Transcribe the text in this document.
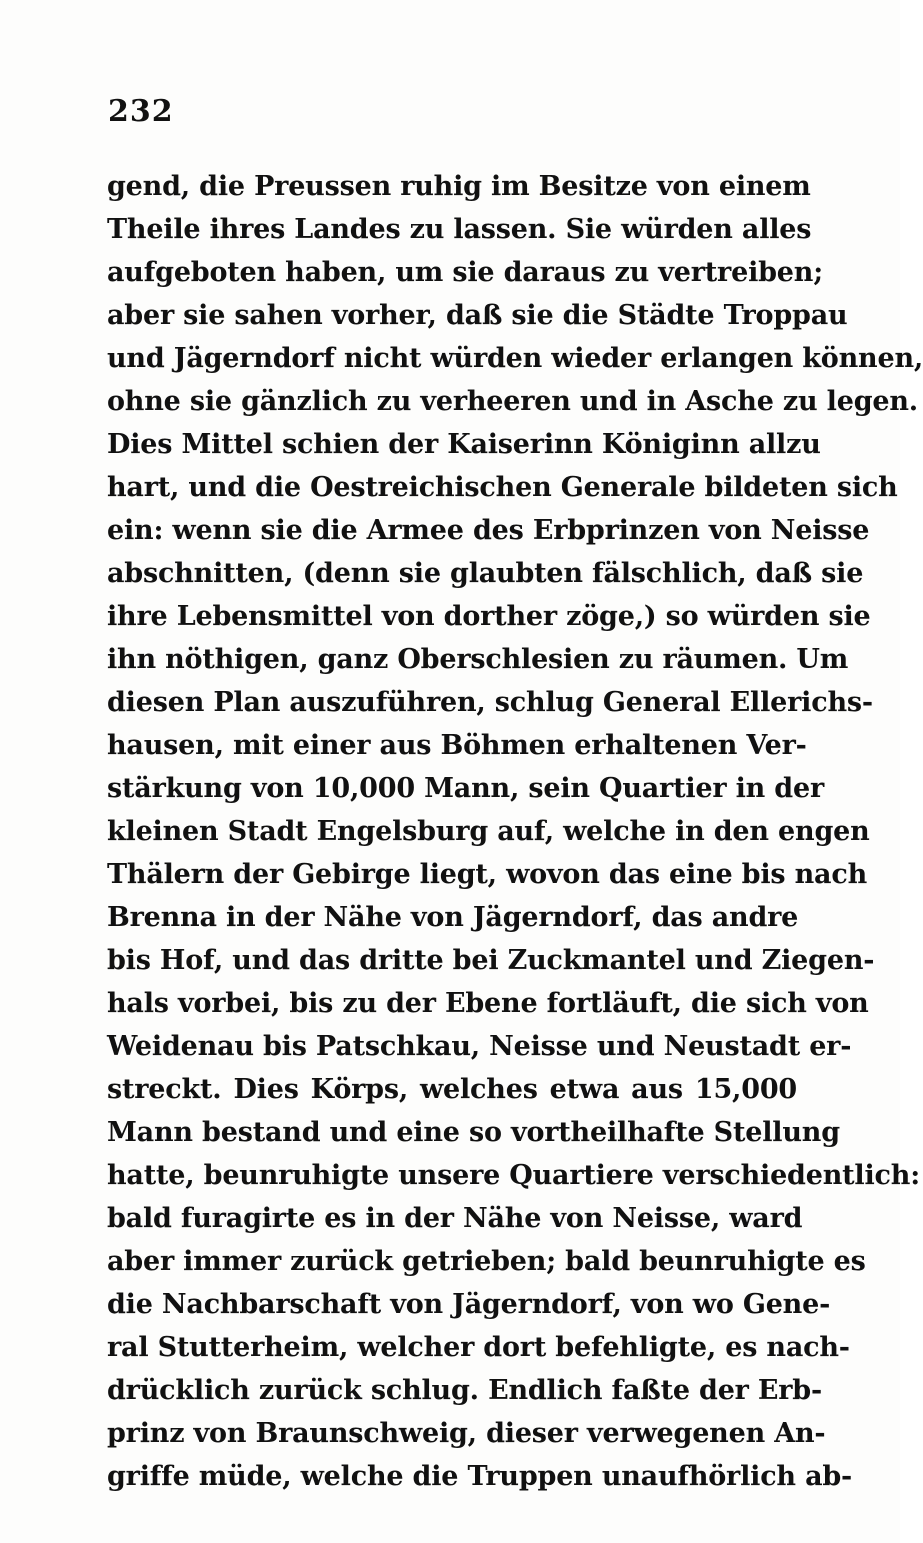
232
gend, die Preussen ruhig im Besitze von einem
Theile ihres Landes zu lassen. Sie würden alles
aufgeboten haben, um sie daraus zu vertreiben;
aber sie sahen vorher, daß sie die Städte Troppau
und Jägerndorf nicht würden wieder erlangen können,
ohne sie gänzlich zu verheeren und in Asche zu legen.
Dies Mittel schien der Kaiserinn Königinn allzu
hart, und die Oestreichischen Generale bildeten sich
ein: wenn sie die Armee des Erbprinzen von Neisse
abschnitten, (denn sie glaubten fälschlich, daß sie
ihre Lebensmittel von dorther zöge,) so würden sie
ihn nöthigen, ganz Oberschlesien zu räumen. Um
diesen Plan auszuführen, schlug General Ellerichs-
hausen, mit einer aus Böhmen erhaltenen Ver-
stärkung von 10,000 Mann, sein Quartier in der
kleinen Stadt Engelsburg auf, welche in den engen
Thälern der Gebirge liegt, wovon das eine bis nach
Brenna in der Nähe von Jägerndorf, das andre
bis Hof, und das dritte bei Zuckmantel und Ziegen-
hals vorbei, bis zu der Ebene fortläuft, die sich von
Weidenau bis Patschkau, Neisse und Neustadt er-
streckt. Dies Körps, welches etwa aus 15,000
Mann bestand und eine so vortheilhafte Stellung
hatte, beunruhigte unsere Quartiere verschiedentlich:
bald furagirte es in der Nähe von Neisse, ward
aber immer zurück getrieben; bald beunruhigte es
die Nachbarschaft von Jägerndorf, von wo Gene-
ral Stutterheim, welcher dort befehligte, es nach-
drücklich zurück schlug. Endlich faßte der Erb-
prinz von Braunschweig, dieser verwegenen An-
griffe müde, welche die Truppen unaufhörlich ab-
